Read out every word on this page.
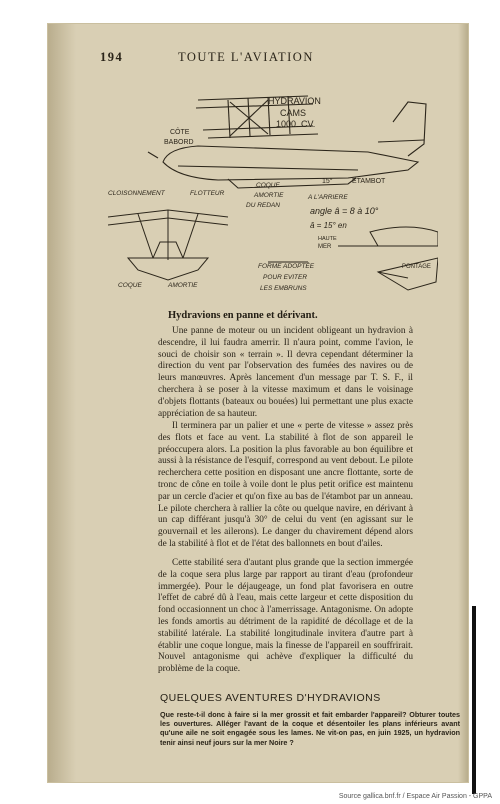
194	TOUTE L'AVIATION
HYDRAVION
CAMS
1000. CV.
CÔTE
BABORD
CLOISONNEMENT	FLOTTEUR
COQUE
AMORTIE
DU REDAN
A L'ARRIERE
15°	ETAMBOT
COQUE	AMORTIE
angle â = 8 à 10°
â = 15° en
HAUTE
MER
FORME ADOPTÉE
POUR EVITER
LES EMBRUNS
PONTAGE
Hydravions en panne et dérivant.

Une panne de moteur ou un incident obligeant un hydravion à descendre, il lui faudra amerrir. Il n'aura point, comme l'avion, le souci de choisir son « terrain ». Il devra cependant déterminer la direction du vent par l'observation des fumées des navires ou de leurs manœuvres. Après lancement d'un message par T. S. F., il cherchera à se poser à la vitesse maximum et dans le voisinage d'objets flottants (bateaux ou bouées) lui permettant une plus exacte appréciation de sa hauteur.

Il terminera par un palier et une « perte de vitesse » assez près des flots et face au vent. La stabilité à flot de son appareil le préoccupera alors. La position la plus favorable au bon équilibre et aussi à la résistance de l'esquif, correspond au vent debout. Le pilote recherchera cette position en disposant une ancre flottante, sorte de tronc de cône en toile à voile dont le plus petit orifice est maintenu par un cercle d'acier et qu'on fixe au bas de l'étambot par un anneau. Le pilote cherchera à rallier la côte ou quelque navire, en dérivant à un cap différant jusqu'à 30° de celui du vent (en agissant sur le gouvernail et les ailerons). Le danger du chavirement dépend alors de la stabilité à flot et de l'état des ballonnets en bout d'ailes.

Cette stabilité sera d'autant plus grande que la section immergée de la coque sera plus large par rapport au tirant d'eau (profondeur immergée). Pour le déjaugeage, un fond plat favorisera en outre l'effet de cabré dû à l'eau, mais cette largeur et cette disposition du fond occasionnent un choc à l'amerrissage. Antagonisme. On adopte les fonds amortis au détriment de la rapidité de décollage et de la stabilité latérale. La stabilité longitudinale invitera d'autre part à établir une coque longue, mais la finesse de l'appareil en souffrirait. Nouvel antagonisme qui achève d'expliquer la difficulté du problème de la coque.

QUELQUES AVENTURES D'HYDRAVIONS

Que reste-t-il donc à faire si la mer grossit et fait embarder l'appareil? Obturer toutes les ouvertures. Alléger l'avant de la coque et désentoiler les plans inférieurs avant qu'une aile ne soit engagée sous les lames. Ne vit-on pas, en juin 1925, un hydravion tenir ainsi neuf jours sur la mer Noire ?

Source gallica.bnf.fr / Espace Air Passion - GPPA
